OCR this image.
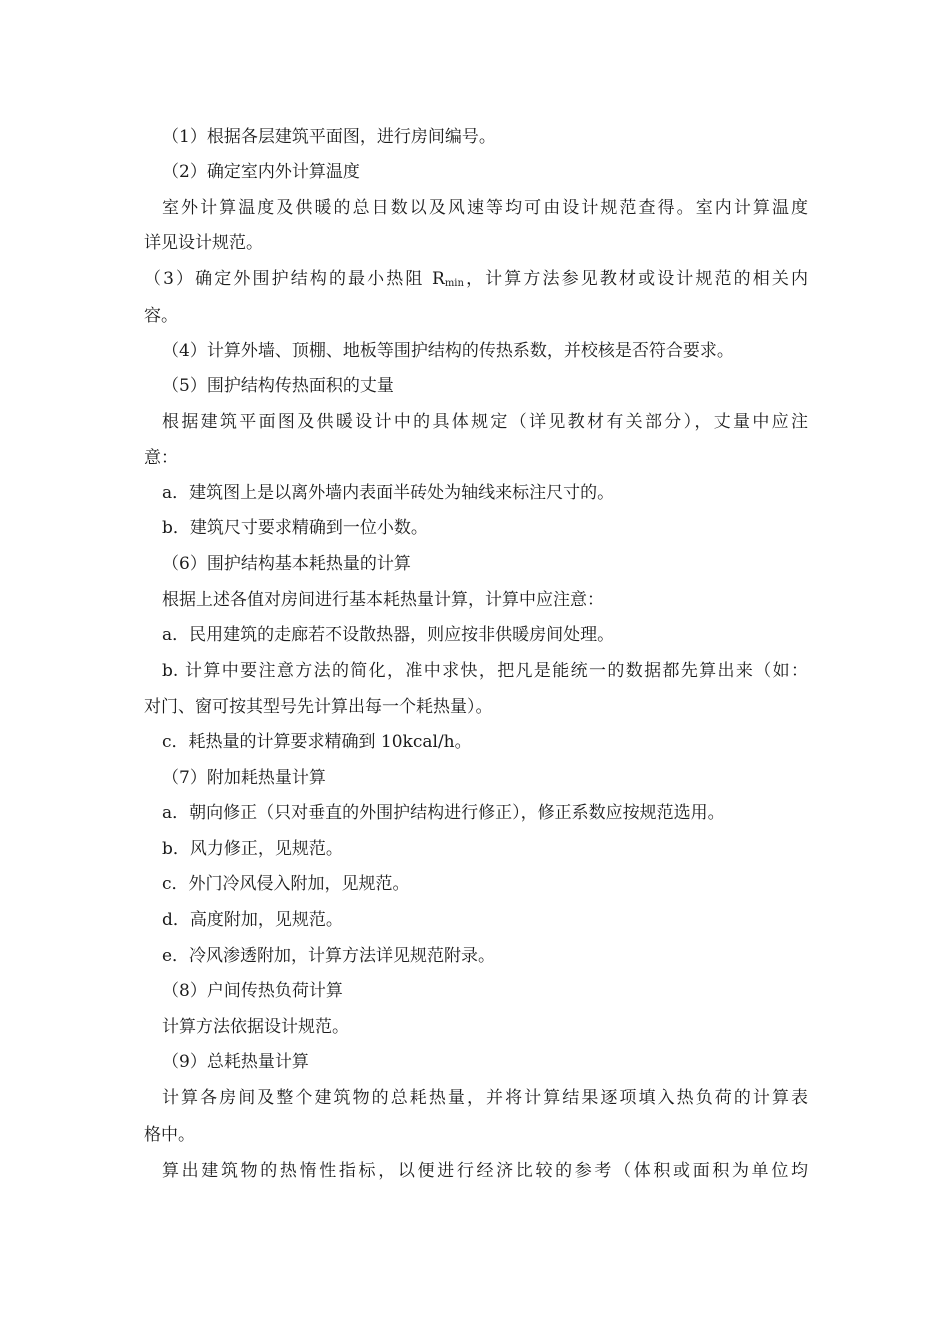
（1）根据各层建筑平面图，进行房间编号。
（2）确定室内外计算温度
室外计算温度及供暖的总日数以及风速等均可由设计规范查得。室内计算温度
详见设计规范。
（3）确定外围护结构的最小热阻 $R_{min}$，计算方法参见教材或设计规范的相关内
容。
（4）计算外墙、顶棚、地板等围护结构的传热系数，并校核是否符合要求。
（5）围护结构传热面积的丈量
根据建筑平面图及供暖设计中的具体规定（详见教材有关部分），丈量中应注
意：
a．建筑图上是以离外墙内表面半砖处为轴线来标注尺寸的。
b．建筑尺寸要求精确到一位小数。
（6）围护结构基本耗热量的计算
根据上述各值对房间进行基本耗热量计算，计算中应注意：
a．民用建筑的走廊若不设散热器，则应按非供暖房间处理。
b. 计算中要注意方法的简化，准中求快，把凡是能统一的数据都先算出来（如：
对门、窗可按其型号先计算出每一个耗热量）。
c．耗热量的计算要求精确到 10kcal/h。
（7）附加耗热量计算
a．朝向修正（只对垂直的外围护结构进行修正），修正系数应按规范选用。
b．风力修正，见规范。
c．外门冷风侵入附加，见规范。
d．高度附加，见规范。
e．冷风渗透附加，计算方法详见规范附录。
（8）户间传热负荷计算
计算方法依据设计规范。
（9）总耗热量计算
计算各房间及整个建筑物的总耗热量，并将计算结果逐项填入热负荷的计算表
格中。
算出建筑物的热惰性指标，以便进行经济比较的参考（体积或面积为单位均
